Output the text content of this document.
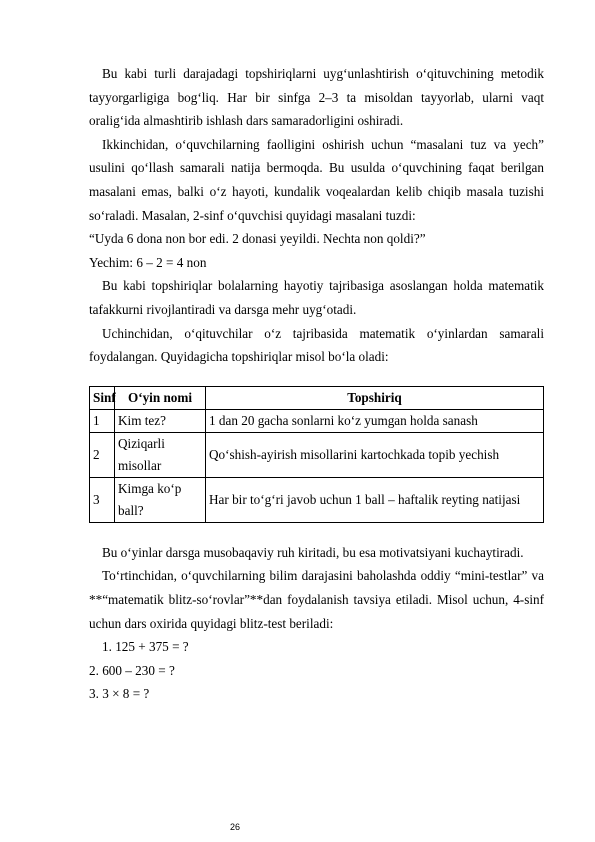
Bu kabi turli darajadagi topshiriqlarni uyg‘unlashtirish o‘qituvchining metodik tayyorgarligiga bog‘liq. Har bir sinfga 2–3 ta misoldan tayyorlab, ularni vaqt oralig‘ida almashtirib ishlash dars samaradorligini oshiradi.

Ikkinchidan, o‘quvchilarning faolligini oshirish uchun “masalani tuz va yech” usulini qo‘llash samarali natija bermoqda. Bu usulda o‘quvchining faqat berilgan masalani emas, balki o‘z hayoti, kundalik voqealardan kelib chiqib masala tuzishi so‘raladi. Masalan, 2-sinf o‘quvchisi quyidagi masalani tuzdi:

“Uyda 6 dona non bor edi. 2 donasi yeyildi. Nechta non qoldi?”

Yechim: 6 – 2 = 4 non

Bu kabi topshiriqlar bolalarning hayotiy tajribasiga asoslangan holda matematik tafakkurni rivojlantiradi va darsga mehr uyg‘otadi.

Uchinchidan, o‘qituvchilar o‘z tajribasida matematik o‘yinlardan samarali foydalangan. Quyidagicha topshiriqlar misol bo‘la oladi:

Sinf	O‘yin nomi	Topshiriq
1	Kim tez?	1 dan 20 gacha sonlarni ko‘z yumgan holda sanash
2	Qiziqarli misollar	Qo‘shish-ayirish misollarini kartochkada topib yechish
3	Kimga ko‘p ball?	Har bir to‘g‘ri javob uchun 1 ball – haftalik reyting natijasi

Bu o‘yinlar darsga musobaqaviy ruh kiritadi, bu esa motivatsiyani kuchaytiradi.

To‘rtinchidan, o‘quvchilarning bilim darajasini baholashda oddiy “mini-testlar” va **“matematik blitz-so‘rovlar”**dan foydalanish tavsiya etiladi. Misol uchun, 4-sinf uchun dars oxirida quyidagi blitz-test beriladi:

1. 125 + 375 = ?

2. 600 – 230 = ?

3. 3 × 8 = ?

26
